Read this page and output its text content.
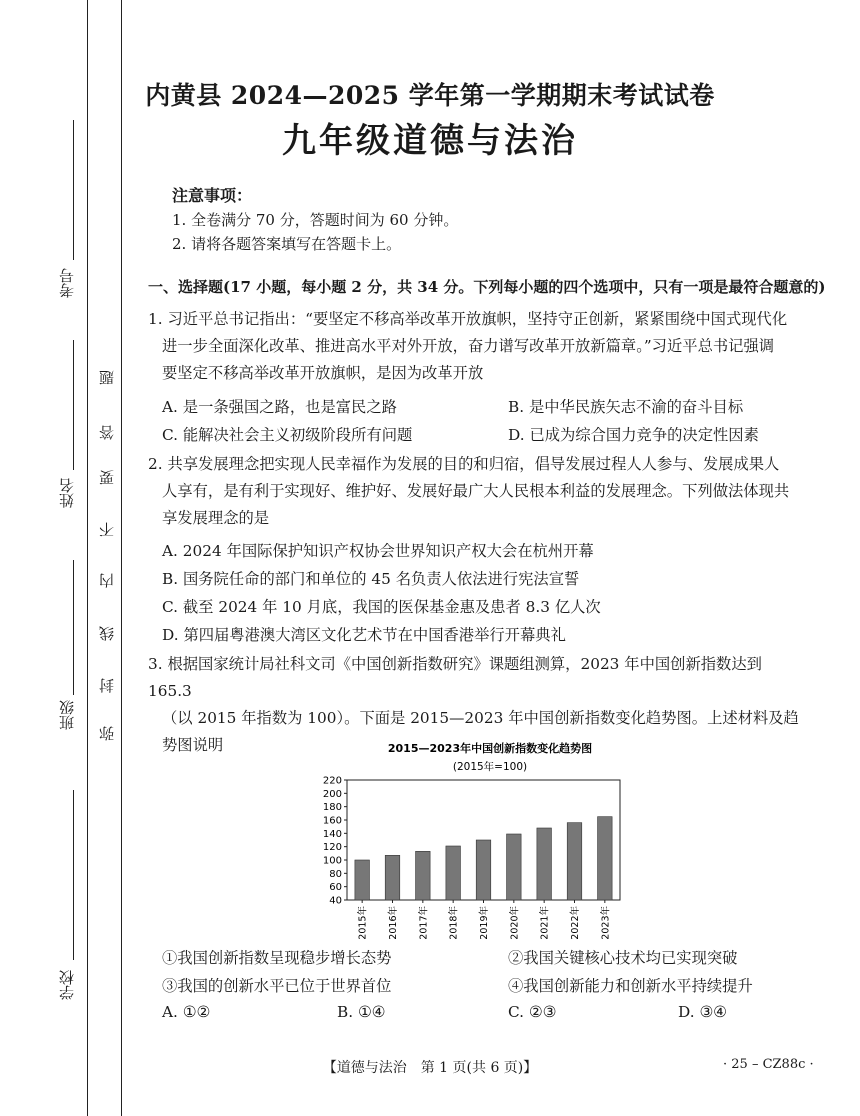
考号
姓名
班级
学校
题
答
要
不
内
线
封
弥
内黄县 2024—2025 学年第一学期期末考试试卷
九年级道德与法治
注意事项：
1. 全卷满分 70 分，答题时间为 60 分钟。
2. 请将各题答案填写在答题卡上。
一、选择题(17 小题，每小题 2 分，共 34 分。下列每小题的四个选项中，只有一项是最符合题意的)

1. 习近平总书记指出：“要坚定不移高举改革开放旗帜，坚持守正创新，紧紧围绕中国式现代化

进一步全面深化改革、推进高水平对外开放，奋力谱写改革开放新篇章。”习近平总书记强调

要坚定不移高举改革开放旗帜，是因为改革开放

A. 是一条强国之路，也是富民之路	B. 是中华民族矢志不渝的奋斗目标
C. 能解决社会主义初级阶段所有问题	D. 已成为综合国力竞争的决定性因素

2. 共享发展理念把实现人民幸福作为发展的目的和归宿，倡导发展过程人人参与、发展成果人

人享有，是有利于实现好、维护好、发展好最广大人民根本利益的发展理念。下列做法体现共

享发展理念的是

A. 2024 年国际保护知识产权协会世界知识产权大会在杭州开幕
B. 国务院任命的部门和单位的 45 名负责人依法进行宪法宣誓
C. 截至 2024 年 10 月底，我国的医保基金惠及患者 8.3 亿人次
D. 第四届粤港澳大湾区文化艺术节在中国香港举行开幕典礼

3. 根据国家统计局社科文司《中国创新指数研究》课题组测算，2023 年中国创新指数达到 165.3

（以 2015 年指数为 100）。下面是 2015—2023 年中国创新指数变化趋势图。上述材料及趋

势图说明	2015—2023年中国创新指数变化趋势图
(2015年=100)
40
60
80
100
120
140
160
180
200
220
2015年 2016年 2017年 2018年 2019年 2020年 2021年 2022年 2023年
①我国创新指数呈现稳步增长态势	②我国关键核心技术均已实现突破
③我国的创新水平已位于世界首位	④我国创新能力和创新水平持续提升
A. ①②	B. ①④	C. ②③	D. ③④
【道德与法治　第 1 页(共 6 页)】	· 25 – CZ88c ·
